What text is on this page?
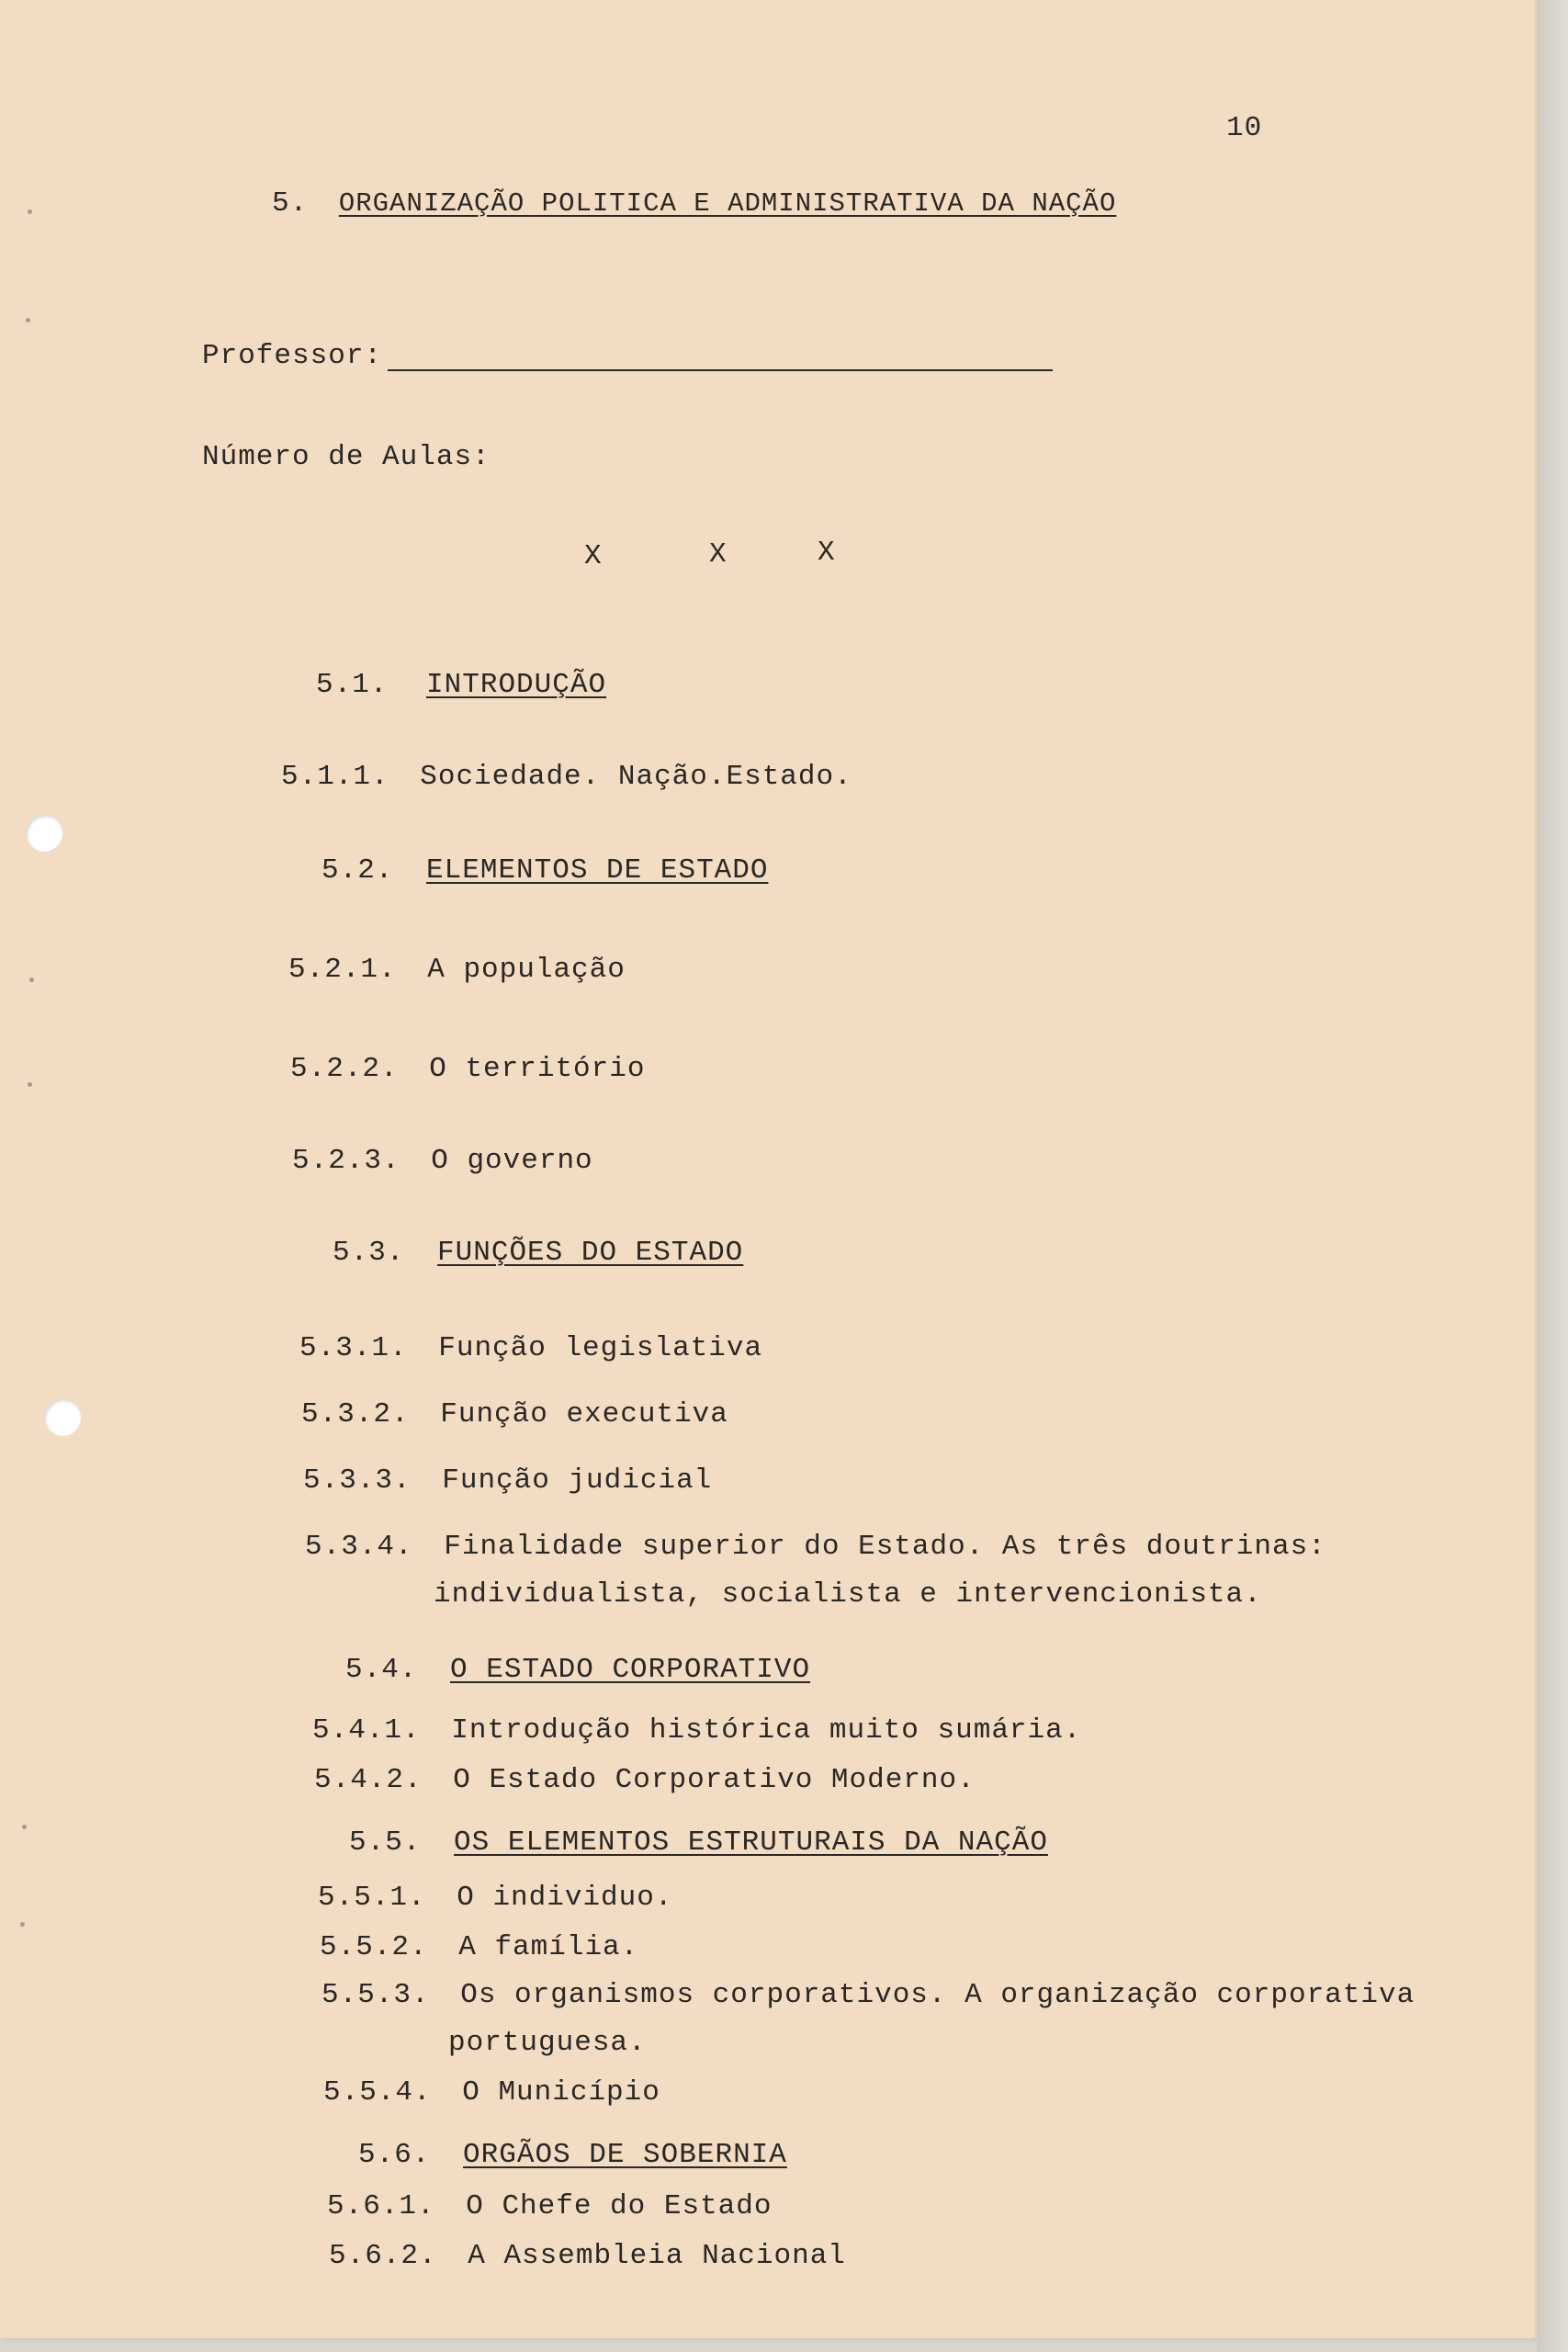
10
5. ORGANIZAÇÃO POLITICA E ADMINISTRATIVA DA NAÇÃO
Professor:
Número de Aulas:
X	X	X
5.1. INTRODUÇÃO
5.1.1. Sociedade. Nação.Estado.
5.2. ELEMENTOS DE ESTADO
5.2.1. A população
5.2.2. O território
5.2.3. O governo
5.3. FUNÇÕES DO ESTADO
5.3.1. Função legislativa
5.3.2. Função executiva
5.3.3. Função judicial
5.3.4. Finalidade superior do Estado. As três doutrinas:
individualista, socialista e intervencionista.
5.4. O ESTADO CORPORATIVO
5.4.1. Introdução histórica muito sumária.
5.4.2. O Estado Corporativo Moderno.
5.5. OS ELEMENTOS ESTRUTURAIS DA NAÇÃO
5.5.1. O individuo.
5.5.2. A família.
5.5.3. Os organismos corporativos. A organização corporativa
portuguesa.
5.5.4. O Município
5.6. ORGÃOS DE SOBERNIA
5.6.1. O Chefe do Estado
5.6.2. A Assembleia Nacional
